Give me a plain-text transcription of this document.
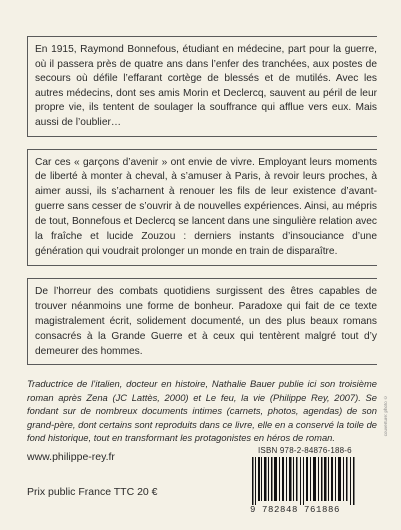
En 1915, Raymond Bonnefous, étudiant en médecine, part pour la guerre, où il passera près de quatre ans dans l’enfer des tranchées, aux postes de secours où défile l’effarant cortège de blessés et de mutilés. Avec les autres médecins, dont ses amis Morin et Declercq, sauvent au péril de leur propre vie, ils tentent de soulager la souffrance qui afflue vers eux. Mais aussi de l’oublier…

Car ces « garçons d’avenir » ont envie de vivre. Employant leurs moments de liberté à monter à cheval, à s’amuser à Paris, à revoir leurs proches, à aimer aussi, ils s’acharnent à renouer les fils de leur existence d’avant-guerre sans cesser de s’ouvrir à de nouvelles expériences. Ainsi, au mépris de tout, Bonnefous et Declercq se lancent dans une singulière relation avec la fraîche et lucide Zouzou : derniers instants d’insouciance d’une génération qui voudrait prolonger un monde en train de disparaître.

De l’horreur des combats quotidiens surgissent des êtres capables de trouver néanmoins une forme de bonheur. Paradoxe qui fait de ce texte magistralement écrit, solidement documenté, un des plus beaux romans consacrés à la Grande Guerre et à ceux qui tentèrent malgré tout d’y demeurer des hommes.

Traductrice de l’italien, docteur en histoire, Nathalie Bauer publie ici son troisième roman après Zena (JC Lattès, 2000) et Le feu, la vie (Philippe Rey, 2007). Se fondant sur de nombreux documents intimes (carnets, photos, agendas) de son grand-père, dont certains sont reproduits dans ce livre, elle en a conservé la toile de fond historique, tout en transformant les protagonistes en héros de roman.

www.philippe-rey.fr
Prix public France TTC 20 €
ISBN 978-2-84876-188-6
9 782848 761886
couverture: photo ©
